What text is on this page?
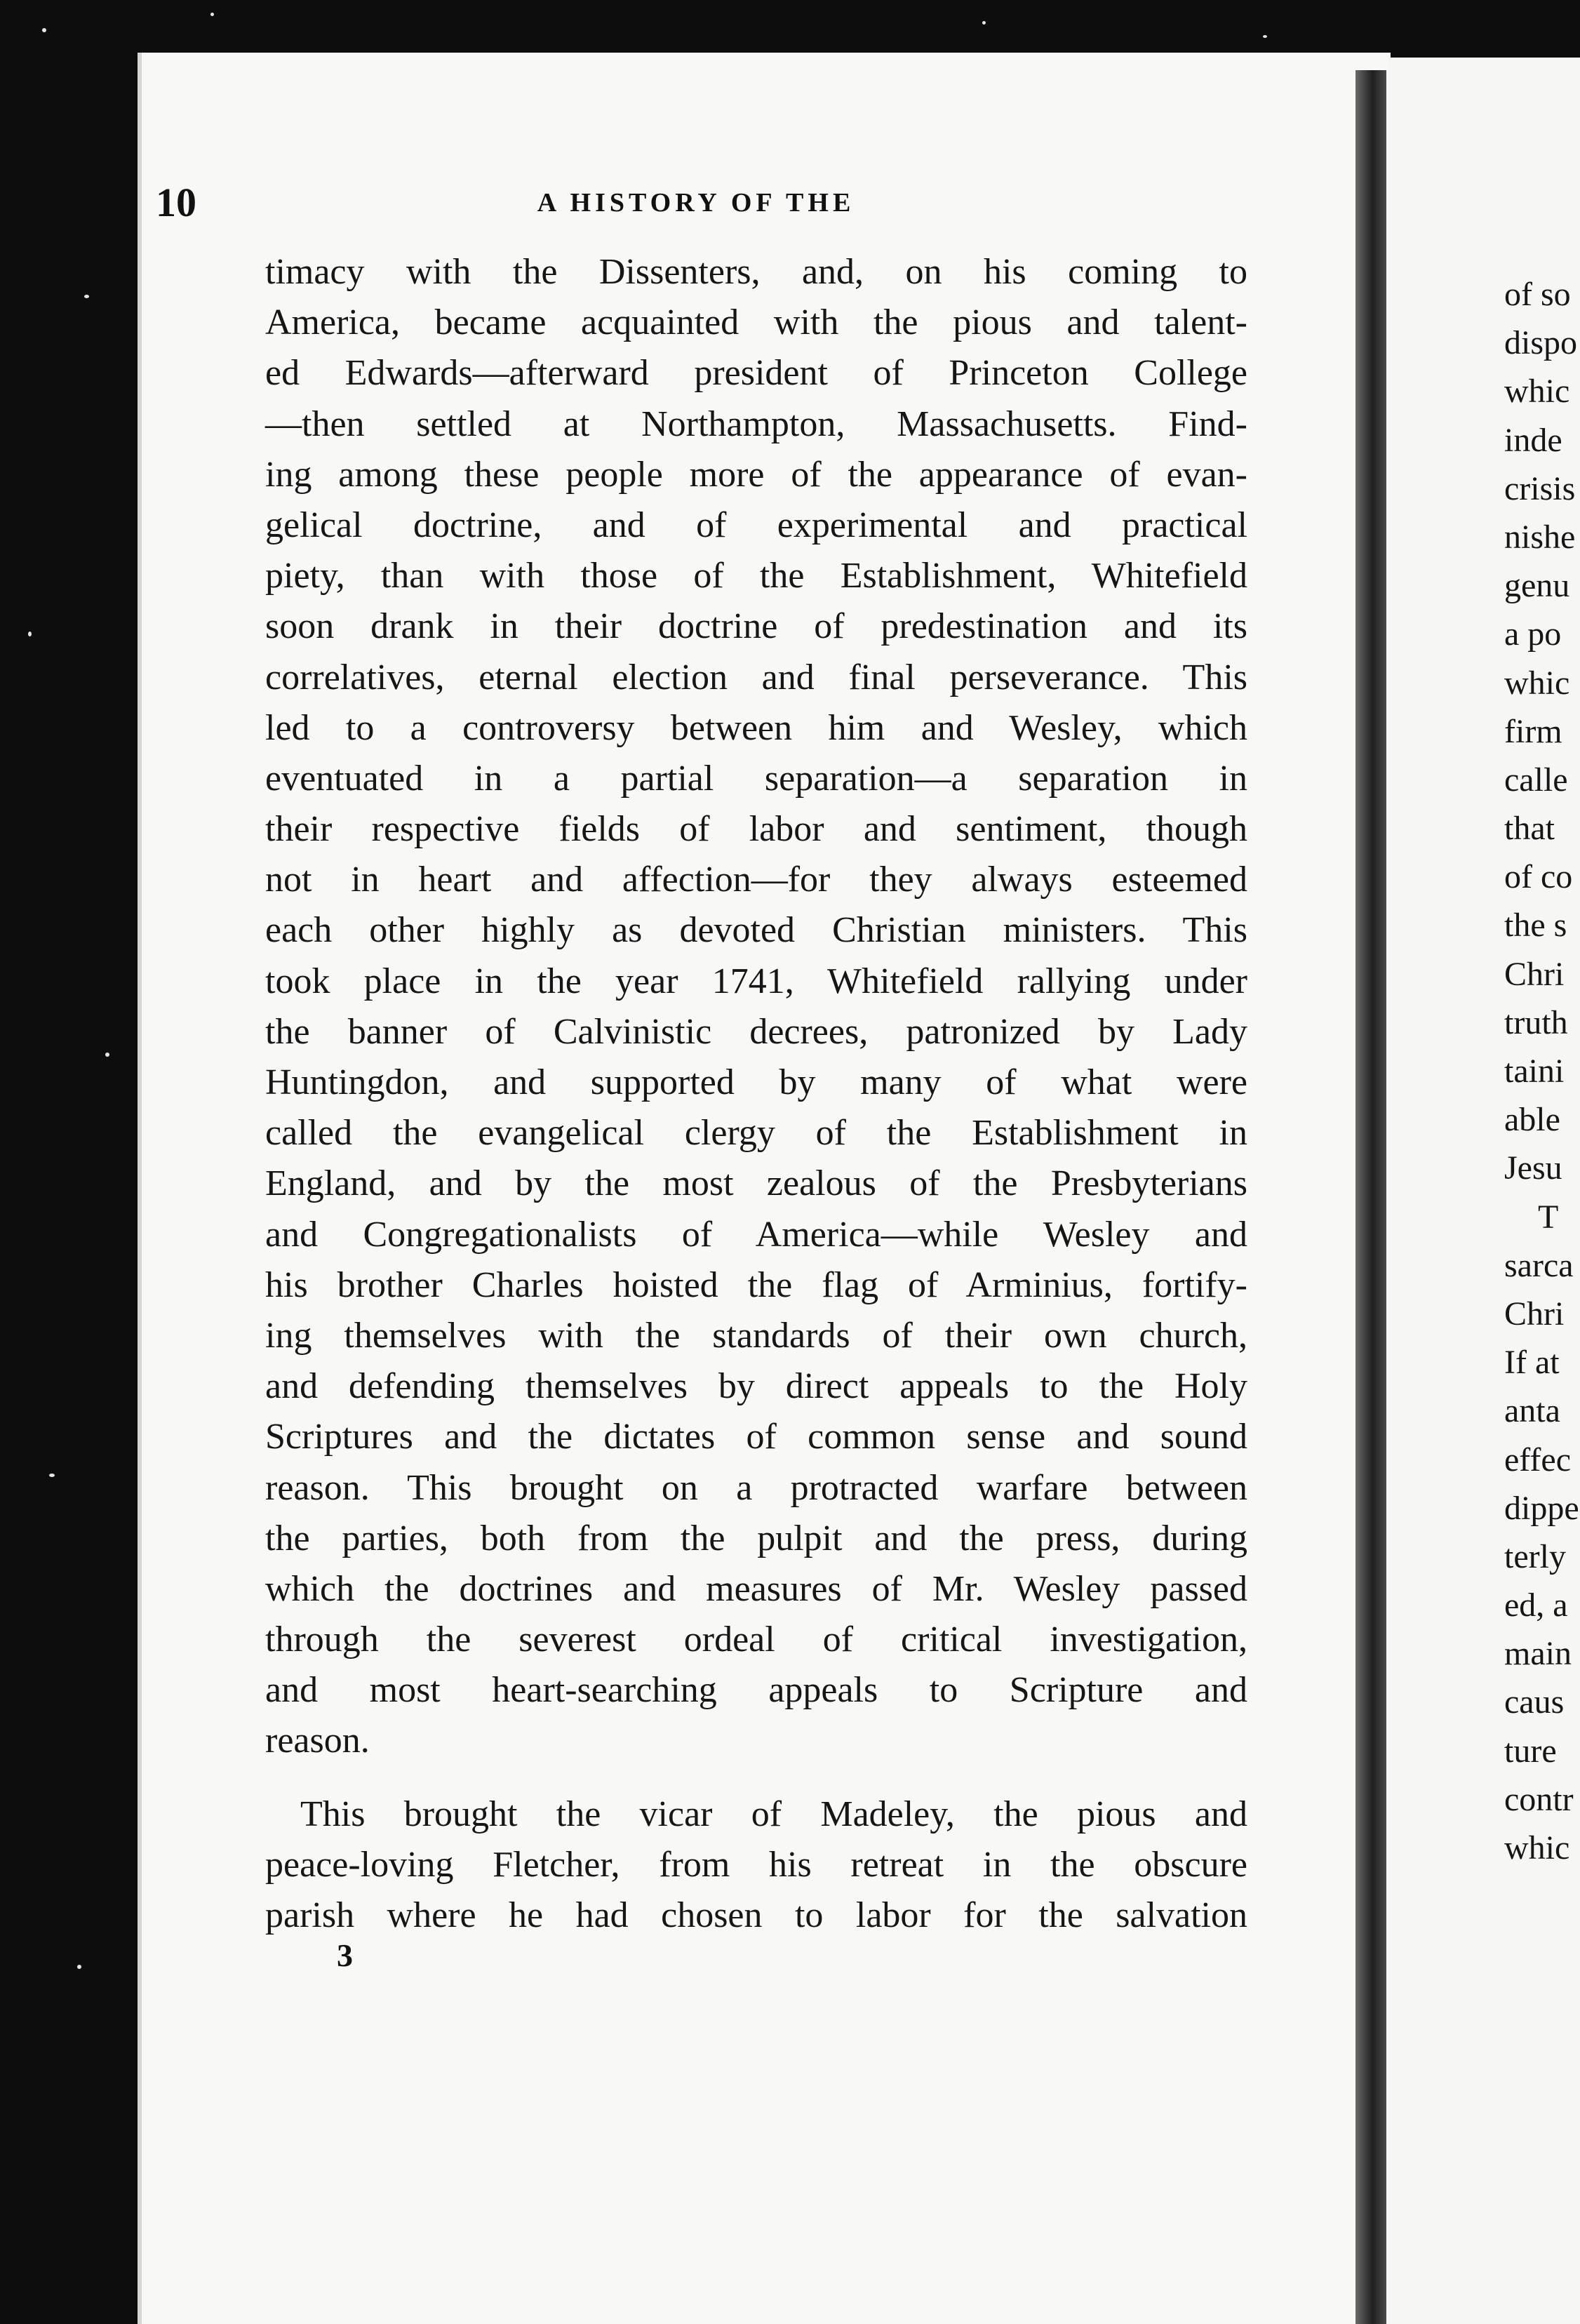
10	A HISTORY OF THE
timacy with the Dissenters, and, on his coming to
America, became acquainted with the pious and talent-
ed Edwards—afterward president of Princeton College
—then settled at Northampton, Massachusetts. Find-
ing among these people more of the appearance of evan-
gelical doctrine, and of experimental and practical
piety, than with those of the Establishment, Whitefield
soon drank in their doctrine of predestination and its
correlatives, eternal election and final perseverance. This
led to a controversy between him and Wesley, which
eventuated in a partial separation—a separation in
their respective fields of labor and sentiment, though
not in heart and affection—for they always esteemed
each other highly as devoted Christian ministers. This
took place in the year 1741, Whitefield rallying under
the banner of Calvinistic decrees, patronized by Lady
Huntingdon, and supported by many of what were
called the evangelical clergy of the Establishment in
England, and by the most zealous of the Presbyterians
and Congregationalists of America—while Wesley and
his brother Charles hoisted the flag of Arminius, fortify-
ing themselves with the standards of their own church,
and defending themselves by direct appeals to the Holy
Scriptures and the dictates of common sense and sound
reason. This brought on a protracted warfare between
the parties, both from the pulpit and the press, during
which the doctrines and measures of Mr. Wesley passed
through the severest ordeal of critical investigation,
and most heart-searching appeals to Scripture and
reason.
This brought the vicar of Madeley, the pious and
peace-loving Fletcher, from his retreat in the obscure
parish where he had chosen to labor for the salvation
3
of so
dispo
whic
inde
crisis
nishe
genu
a po
whic
firm
calle
that
of co
the s
Chri
truth
taini
able
Jesu
T
sarca
Chri
If at
anta
effec
dippe
terly
ed, a
main
caus
ture
contr
whic
